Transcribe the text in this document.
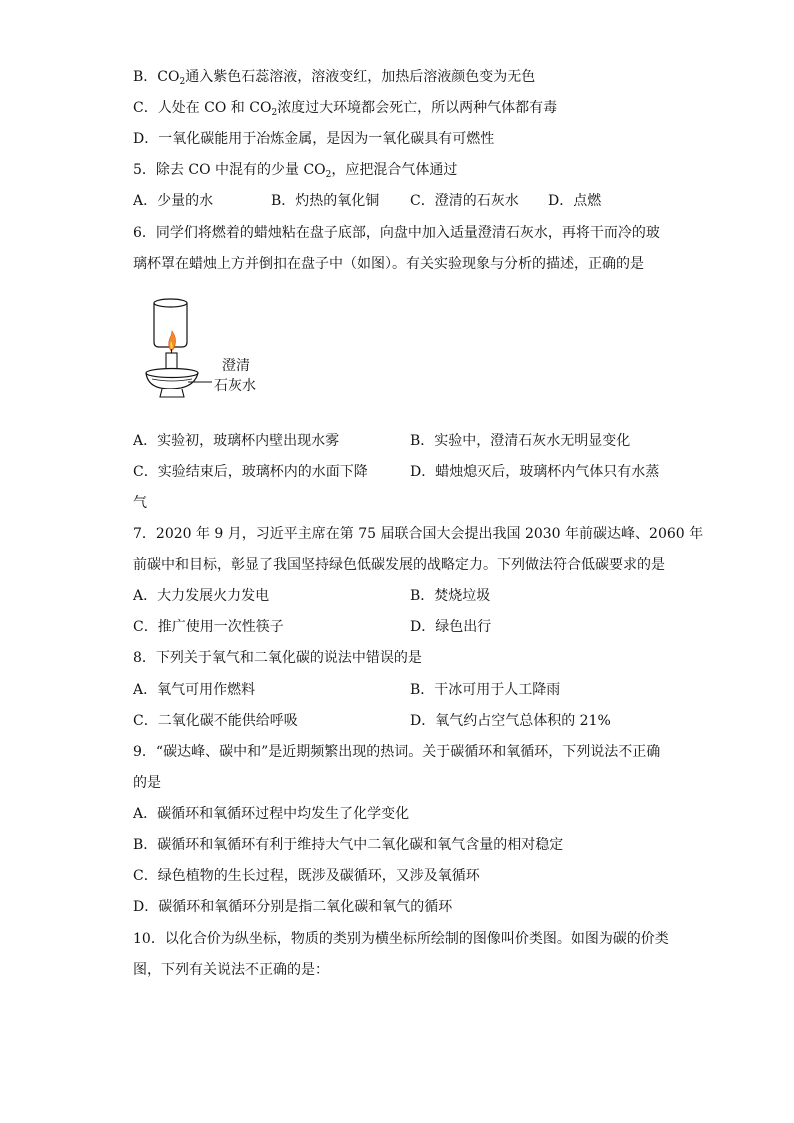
B．$CO_2$通入紫色石蕊溶液，溶液变红，加热后溶液颜色变为无色
C．人处在 CO 和 $CO_2$浓度过大环境都会死亡，所以两种气体都有毒
D．一氧化碳能用于冶炼金属，是因为一氧化碳具有可燃性
5．除去 CO 中混有的少量 $CO_2$，应把混合气体通过
A．少量的水	B．灼热的氧化铜 C．澄清的石灰水 D．点燃
6．同学们将燃着的蜡烛粘在盘子底部，向盘中加入适量澄清石灰水，再将干而冷的玻
璃杯罩在蜡烛上方并倒扣在盘子中（如图）。有关实验现象与分析的描述，正确的是
澄清
石灰水
A．实验初，玻璃杯内壁出现水雾	B．实验中，澄清石灰水无明显变化
C．实验结束后，玻璃杯内的水面下降	D．蜡烛熄灭后，玻璃杯内气体只有水蒸
气
7．2020 年 9 月，习近平主席在第 75 届联合国大会提出我国 2030 年前碳达峰、2060 年
前碳中和目标，彰显了我国坚持绿色低碳发展的战略定力。下列做法符合低碳要求的是
A．大力发展火力发电	B．焚烧垃圾
C．推广使用一次性筷子	D．绿色出行
8．下列关于氧气和二氧化碳的说法中错误的是
A．氧气可用作燃料	B．干冰可用于人工降雨
C．二氧化碳不能供给呼吸	D．氧气约占空气总体积的 21%
9．“碳达峰、碳中和”是近期频繁出现的热词。关于碳循环和氧循环，下列说法不正确
的是
A．碳循环和氧循环过程中均发生了化学变化
B．碳循环和氧循环有利于维持大气中二氧化碳和氧气含量的相对稳定
C．绿色植物的生长过程，既涉及碳循环，又涉及氧循环
D．碳循环和氧循环分别是指二氧化碳和氧气的循环
10．以化合价为纵坐标，物质的类别为横坐标所绘制的图像叫价类图。如图为碳的价类
图，下列有关说法不正确的是：
